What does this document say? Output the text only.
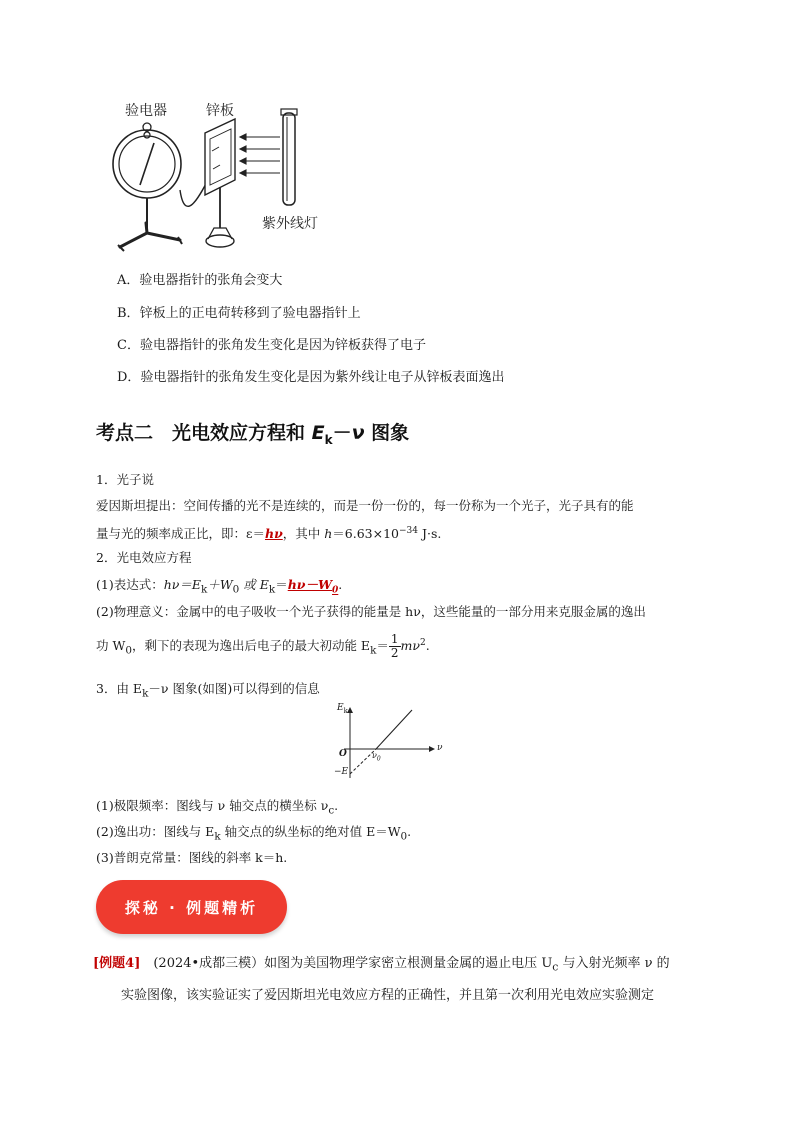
验电器	锌板
紫外线灯
A．验电器指针的张角会变大
B．锌板上的正电荷转移到了验电器指针上
C．验电器指针的张角发生变化是因为锌板获得了电子
D．验电器指针的张角发生变化是因为紫外线让电子从锌板表面逸出
考点二　光电效应方程和 $E_k-\nu$ 图象
1．光子说
爱因斯坦提出：空间传播的光不是连续的，而是一份一份的，每一份称为一个光子，光子具有的能
量与光的频率成正比，即：ε＝hν，其中 $h=6.63\times 10^{-34}$ J·s.
2．光电效应方程
(1)表达式：$h\nu=E_k+W_0$ 或 $E_k=h\nu-W_0$.
(2)物理意义：金属中的电子吸收一个光子获得的能量是 hν，这些能量的一部分用来克服金属的逸出
功 $W_0$，剩下的表现为逸出后电子的最大初动能 $E_k= \frac{1}{2} m\nu^2$.
3．由 $E_k-\nu$ 图象(如图)可以得到的信息
$E_k$
ν
O	$\nu_0$
−E
(1)极限频率：图线与 ν 轴交点的横坐标 $\nu_c$.
(2)逸出功：图线与 $E_k$ 轴交点的纵坐标的绝对值 $E=W_0$.
(3)普朗克常量：图线的斜率 k＝h.
探秘 · 例题精析
[例题4]　(2024•成都三模）如图为美国物理学家密立根测量金属的遏止电压 $U_c$ 与入射光频率 ν 的
实验图像，该实验证实了爱因斯坦光电效应方程的正确性，并且第一次利用光电效应实验测定
